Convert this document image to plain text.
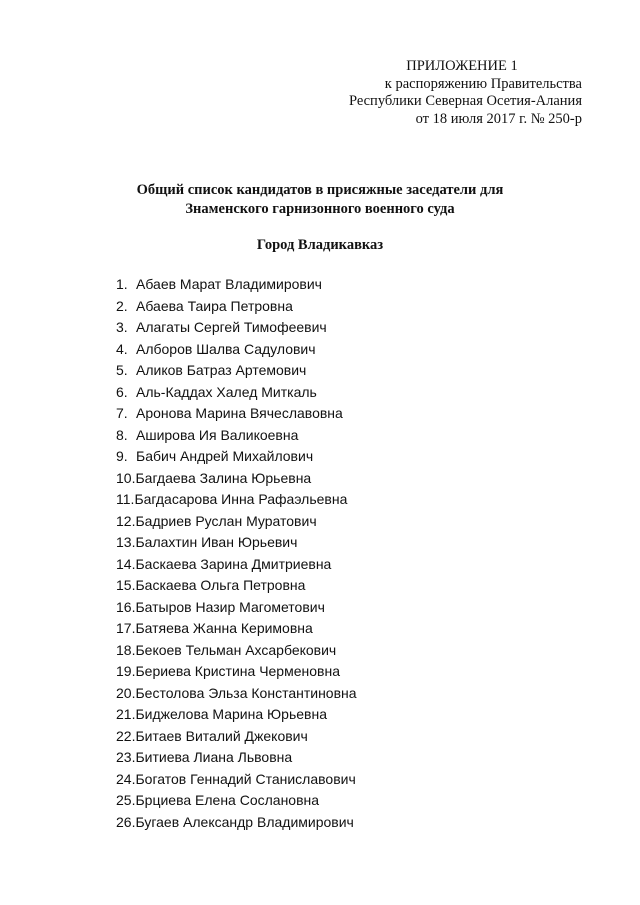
ПРИЛОЖЕНИЕ 1
к распоряжению Правительства
Республики Северная Осетия-Алания
от 18 июля 2017 г. № 250-р
Общий список кандидатов в присяжные заседатели для
Знаменского гарнизонного военного суда
Город Владикавказ
1. Абаев Марат Владимирович
2. Абаева Таира Петровна
3. Алагаты Сергей Тимофеевич
4. Алборов Шалва Садулович
5. Аликов Батраз Артемович
6. Аль-Каддах Халед Миткаль
7. Аронова Марина Вячеславовна
8. Аширова Ия Валикоевна
9. Бабич Андрей Михайлович
10. Багдаева Залина Юрьевна
11. Багдасарова Инна Рафаэльевна
12. Бадриев Руслан Муратович
13. Балахтин Иван Юрьевич
14. Баскаева Зарина Дмитриевна
15. Баскаева Ольга Петровна
16. Батыров Назир Магометович
17. Батяева Жанна Керимовна
18. Бекоев Тельман Ахсарбекович
19. Бериева Кристина Черменовна
20. Бестолова Эльза Константиновна
21. Биджелова Марина Юрьевна
22. Битаев Виталий Джекович
23. Битиева Лиана Львовна
24. Богатов Геннадий Станиславович
25. Брциева Елена Сослановна
26. Бугаев Александр Владимирович
